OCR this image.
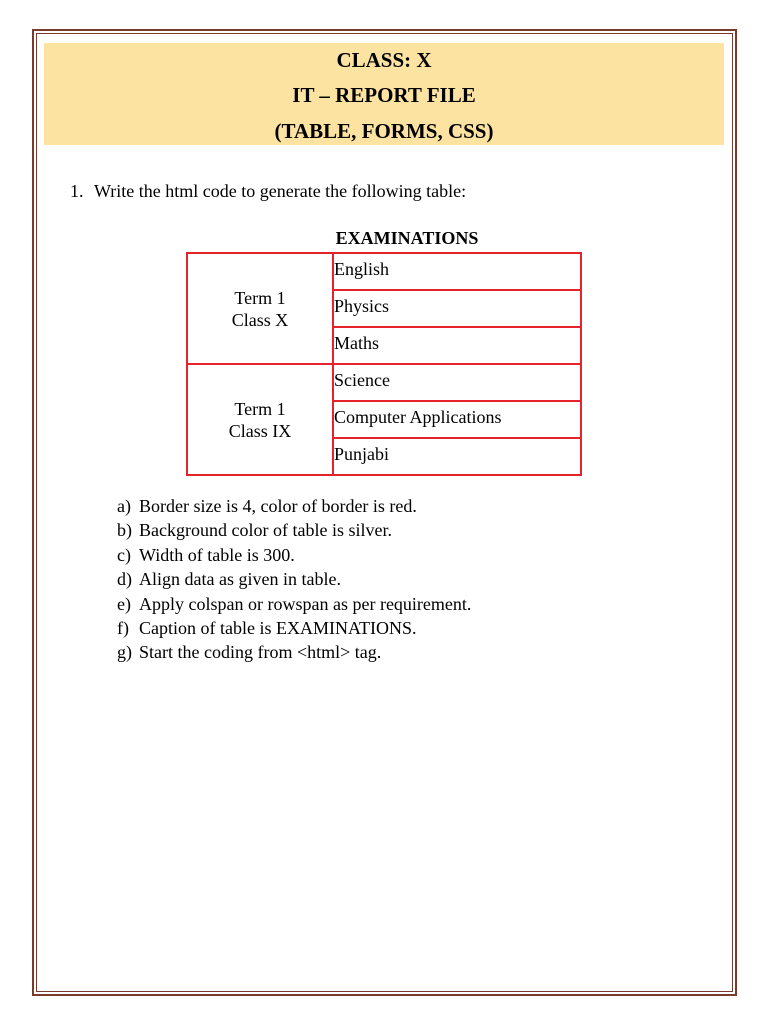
CLASS: X
IT – REPORT FILE
(TABLE, FORMS, CSS)
1. Write the html code to generate the following table:
EXAMINATIONS
Term 1
Class X	English
	Physics
	Maths

Term 1
Class IX	Science
	Computer Applications
	Punjabi
a) Border size is 4, color of border is red.
b) Background color of table is silver.
c) Width of table is 300.
d) Align data as given in table.
e) Apply colspan or rowspan as per requirement.
f) Caption of table is EXAMINATIONS.
g) Start the coding from <html> tag.
